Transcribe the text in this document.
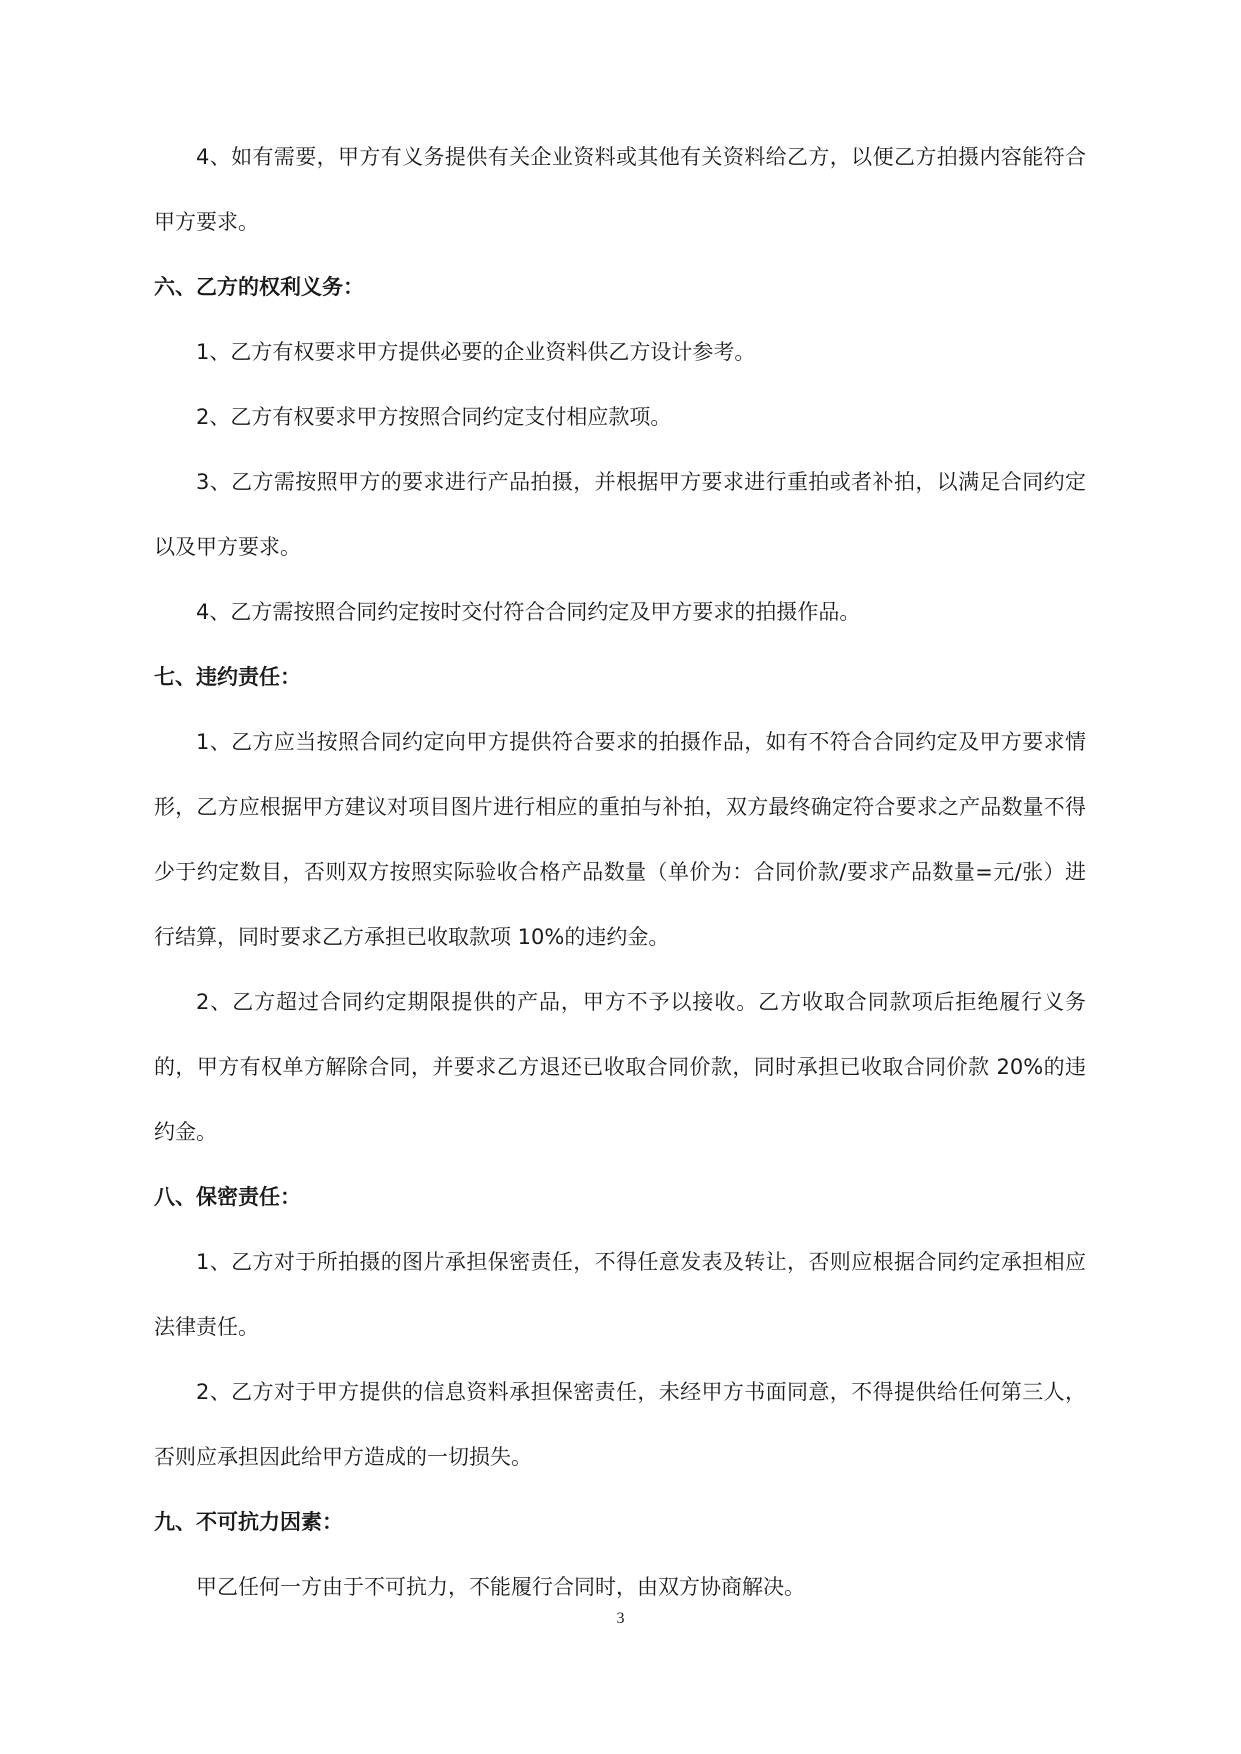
4、如有需要，甲方有义务提供有关企业资料或其他有关资料给乙方，以便乙方拍摄内容能符合甲方要求。

六、乙方的权利义务：

1、乙方有权要求甲方提供必要的企业资料供乙方设计参考。

2、乙方有权要求甲方按照合同约定支付相应款项。

3、乙方需按照甲方的要求进行产品拍摄，并根据甲方要求进行重拍或者补拍，以满足合同约定以及甲方要求。

4、乙方需按照合同约定按时交付符合合同约定及甲方要求的拍摄作品。

七、违约责任：

1、乙方应当按照合同约定向甲方提供符合要求的拍摄作品，如有不符合合同约定及甲方要求情形，乙方应根据甲方建议对项目图片进行相应的重拍与补拍，双方最终确定符合要求之产品数量不得少于约定数目，否则双方按照实际验收合格产品数量（单价为：合同价款/要求产品数量=元/张）进行结算，同时要求乙方承担已收取款项 10%的违约金。

2、乙方超过合同约定期限提供的产品，甲方不予以接收。乙方收取合同款项后拒绝履行义务的，甲方有权单方解除合同，并要求乙方退还已收取合同价款，同时承担已收取合同价款 20%的违约金。

八、保密责任：

1、乙方对于所拍摄的图片承担保密责任，不得任意发表及转让，否则应根据合同约定承担相应法律责任。

2、乙方对于甲方提供的信息资料承担保密责任，未经甲方书面同意，不得提供给任何第三人，否则应承担因此给甲方造成的一切损失。

九、不可抗力因素：

甲乙任何一方由于不可抗力，不能履行合同时，由双方协商解决。

3
